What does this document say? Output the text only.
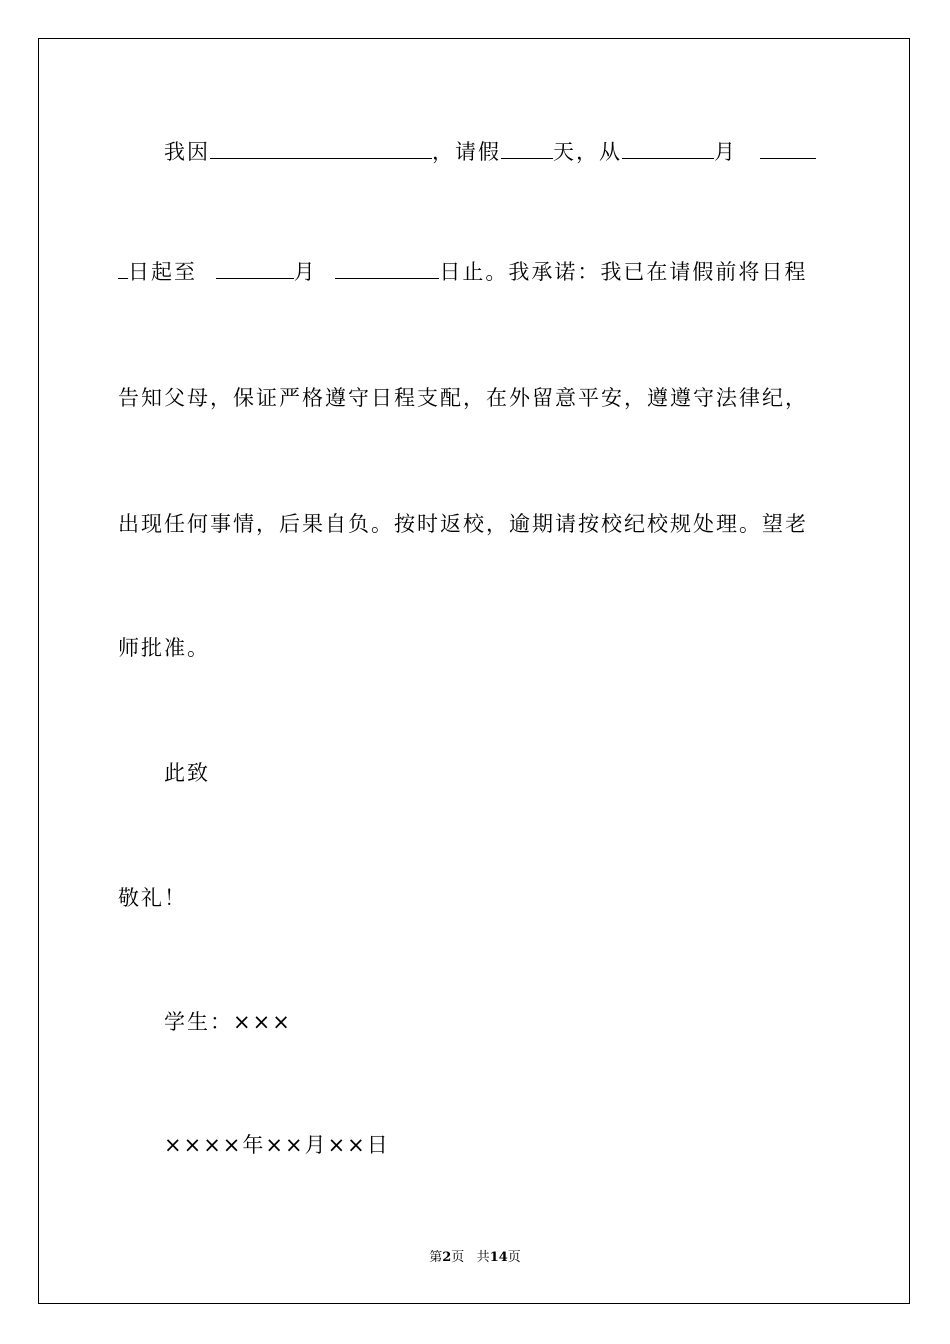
我因	，请假 天，从	月
日起至	月	日止。我承诺：我已在请假前将日程
告知父母，保证严格遵守日程支配，在外留意平安，遵遵守法律纪，
出现任何事情，后果自负。按时返校，逾期请按校纪校规处理。望老
师批准。
此致
敬礼！
学生：×××
××××年××月××日
第2页 共14页
